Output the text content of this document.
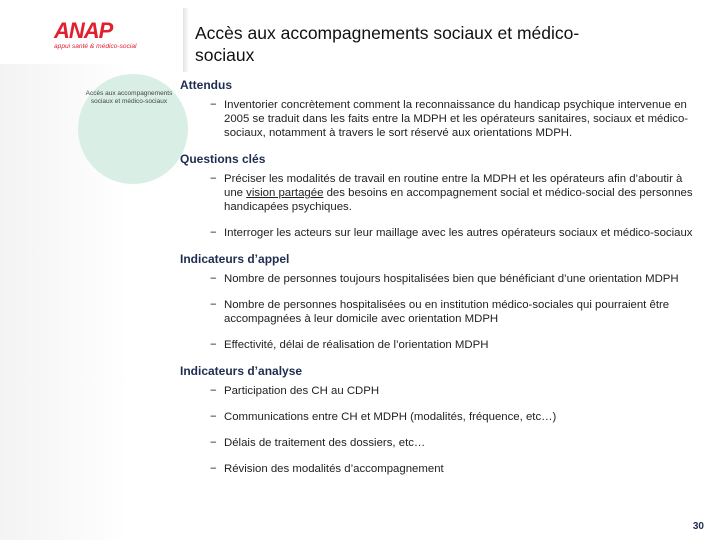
ANAP
appui santé & médico-social
Accès aux accompagnements sociaux et médico-sociaux
Accès aux accompagnements sociaux et médico-sociaux
Attendus
− Inventorier concrètement comment la reconnaissance du handicap psychique intervenue en 2005 se traduit dans les faits entre la MDPH et les opérateurs sanitaires, sociaux et médico-sociaux, notamment à travers le sort réservé aux orientations MDPH.
Questions clés
− Préciser les modalités de travail en routine entre la MDPH et les opérateurs afin d’aboutir à une vision partagée des besoins en accompagnement social et médico-social des personnes handicapées psychiques.
− Interroger les acteurs sur leur maillage avec les autres opérateurs sociaux et médico-sociaux
Indicateurs d’appel
− Nombre de personnes toujours hospitalisées bien que bénéficiant d’une orientation MDPH
− Nombre de personnes hospitalisées ou en institution médico-sociales qui pourraient être accompagnées à leur domicile avec orientation MDPH
− Effectivité, délai de réalisation de l’orientation MDPH
Indicateurs d’analyse
− Participation des CH au CDPH
− Communications entre CH et MDPH (modalités, fréquence, etc…)
− Délais de traitement des dossiers, etc…
− Révision des modalités d’accompagnement
30
